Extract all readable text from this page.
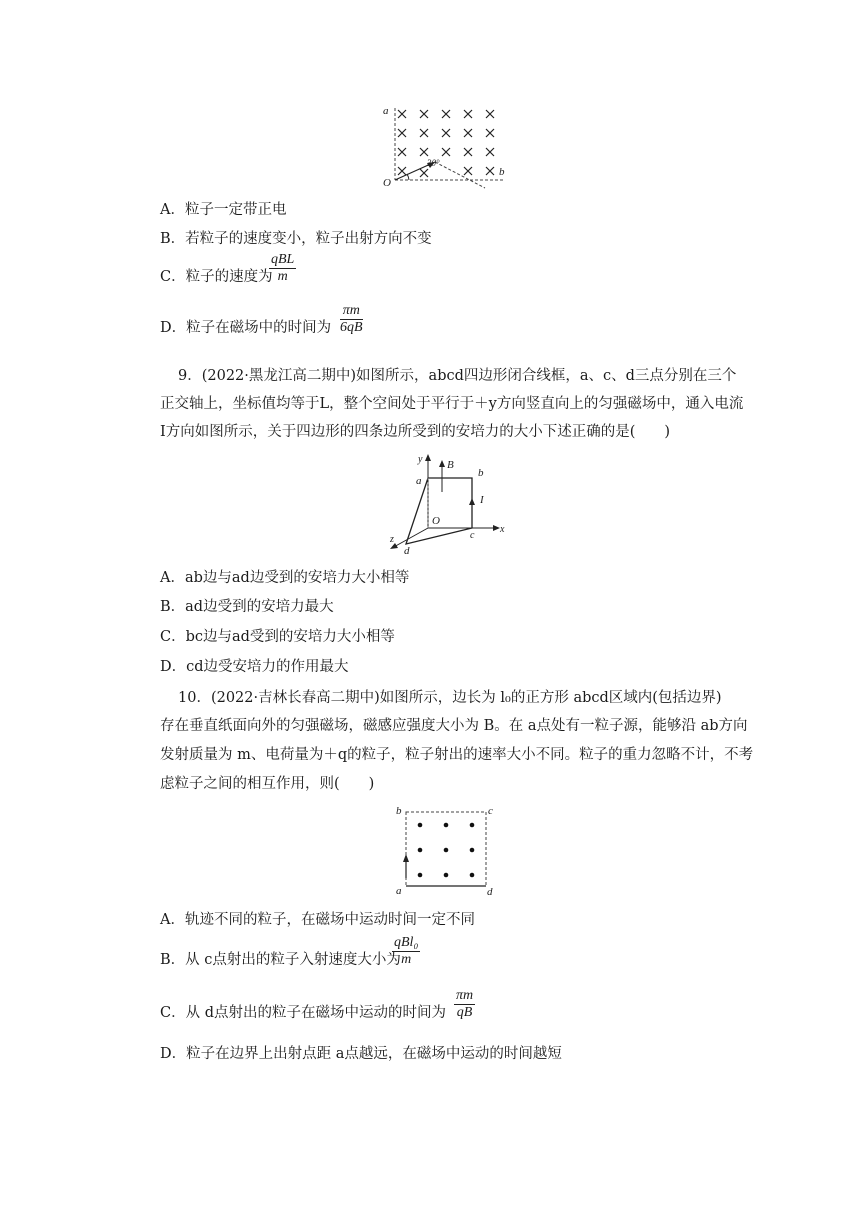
a
O
b
30°
A．粒子一定带正电
B．若粒子的速度变小，粒子出射方向不变
C．粒子的速度为
qBL
m
D．粒子在磁场中的时间为 $\frac{\pi m}{6qB}$
9．(2022·黑龙江高二期中)如图所示，abcd四边形闭合线框，a、c、d三点分别在三个
正交轴上，坐标值均等于L，整个空间处于平行于＋y方向竖直向上的匀强磁场中，通入电流
I方向如图所示，关于四边形的四条边所受到的安培力的大小下述正确的是(　　)
y B
b
a
I
O
x
c
z
d
A．ab边与ad边受到的安培力大小相等
B．ad边受到的安培力最大
C．bc边与ad受到的安培力大小相等
D．cd边受安培力的作用最大
10．(2022·吉林长春高二期中)如图所示，边长为 l₀的正方形 abcd区域内(包括边界)
存在垂直纸面向外的匀强磁场，磁感应强度大小为 B。在 a点处有一粒子源，能够沿 ab方向
发射质量为 m、电荷量为＋q的粒子，粒子射出的速率大小不同。粒子的重力忽略不计，不考
虑粒子之间的相互作用，则(　　)
b	c
a	d
A．轨迹不同的粒子，在磁场中运动时间一定不同
B．从 c点射出的粒子入射速度大小为
qBl₀
m
C．从 d点射出的粒子在磁场中运动的时间为 $\frac{\pi m}{qB}$
D．粒子在边界上出射点距 a点越远，在磁场中运动的时间越短
